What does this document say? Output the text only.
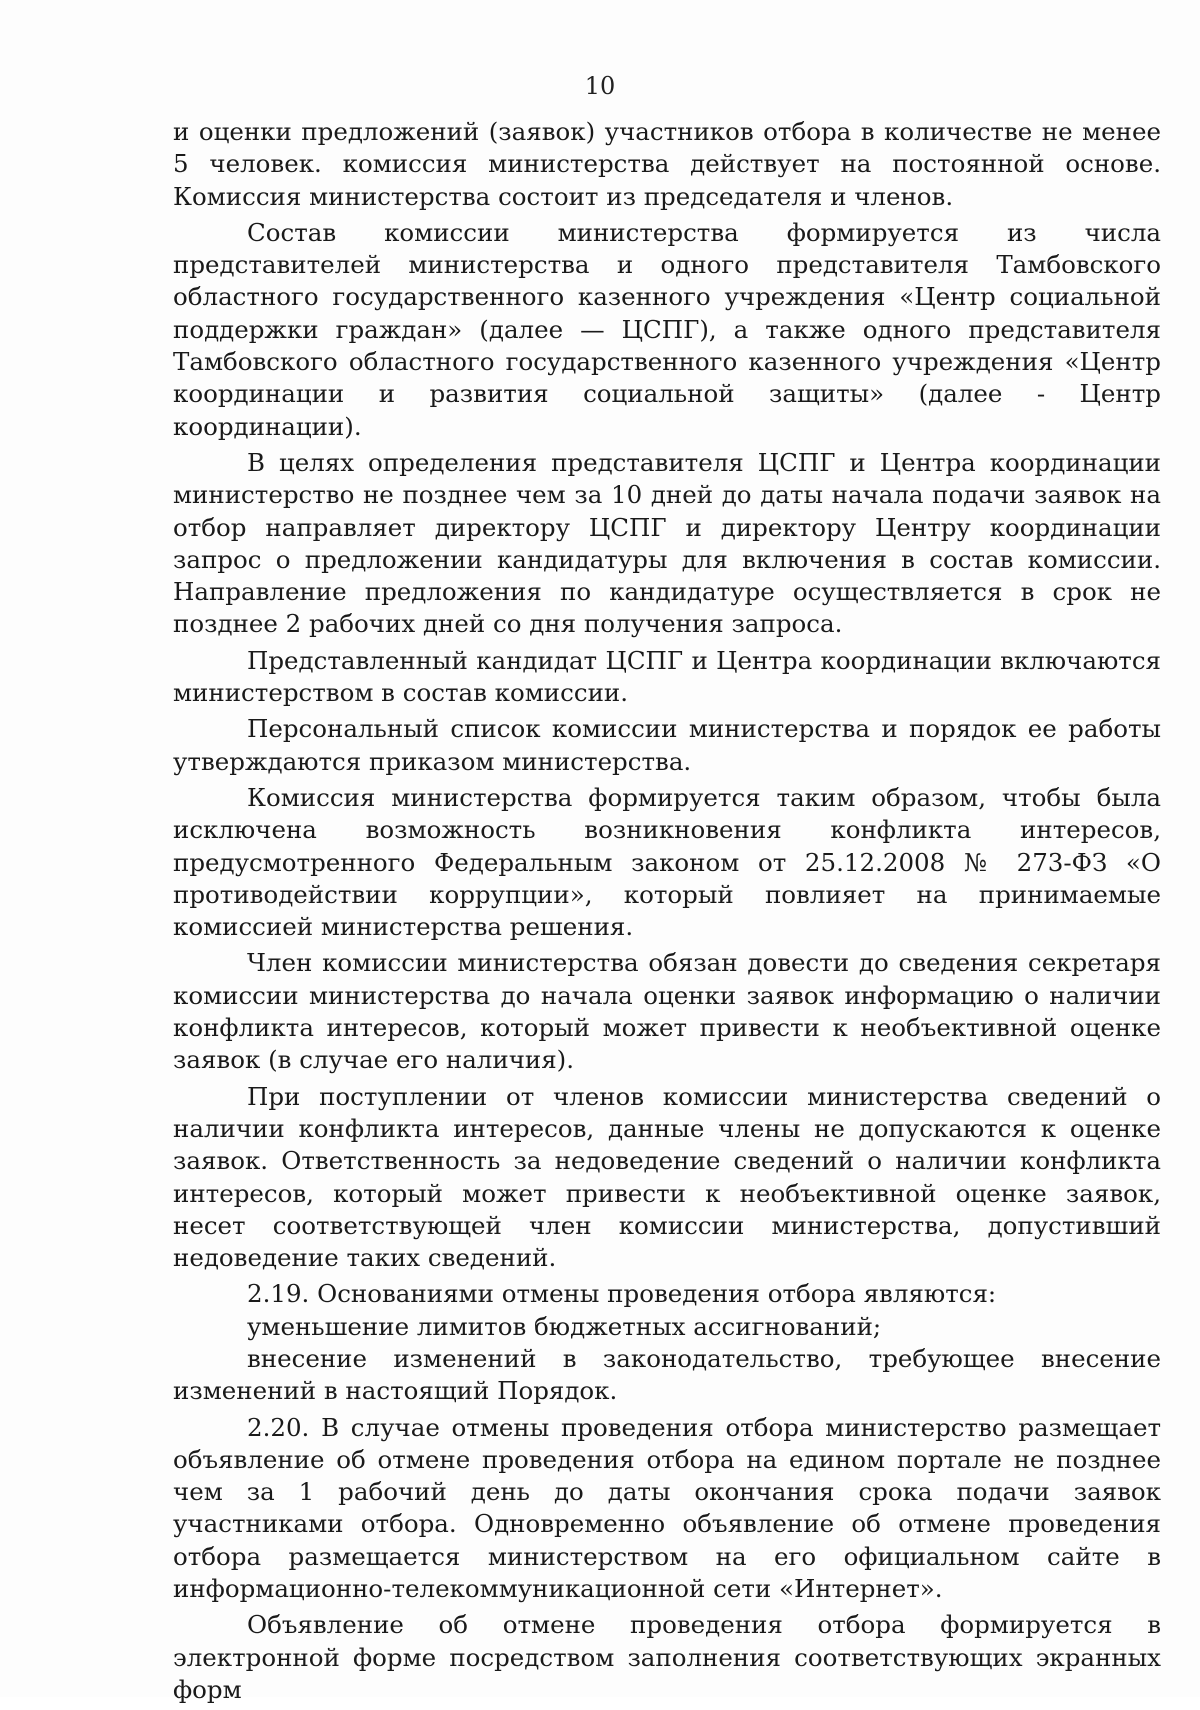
10

и оценки предложений (заявок) участников отбора в количестве не менее 5 человек. комиссия министерства действует на постоянной основе. Комиссия министерства состоит из председателя и членов.

Состав комиссии министерства формируется из числа представителей министерства и одного представителя Тамбовского областного государственного казенного учреждения «Центр социальной поддержки граждан» (далее — ЦСПГ), а также одного представителя Тамбовского областного государственного казенного учреждения «Центр координации и развития социальной защиты» (далее - Центр координации).

В целях определения представителя ЦСПГ и Центра координации министерство не позднее чем за 10 дней до даты начала подачи заявок на отбор направляет директору ЦСПГ и директору Центру координации запрос о предложении кандидатуры для включения в состав комиссии. Направление предложения по кандидатуре осуществляется в срок не позднее 2 рабочих дней со дня получения запроса.

Представленный кандидат ЦСПГ и Центра координации включаются министерством в состав комиссии.

Персональный список комиссии министерства и порядок ее работы утверждаются приказом министерства.

Комиссия министерства формируется таким образом, чтобы была исключена возможность возникновения конфликта интересов, предусмотренного Федеральным законом от 25.12.2008 № 273-ФЗ «О противодействии коррупции», который повлияет на принимаемые комиссией министерства решения.

Член комиссии министерства обязан довести до сведения секретаря комиссии министерства до начала оценки заявок информацию о наличии конфликта интересов, который может привести к необъективной оценке заявок (в случае его наличия).

При поступлении от членов комиссии министерства сведений о наличии конфликта интересов, данные члены не допускаются к оценке заявок. Ответственность за недоведение сведений о наличии конфликта интересов, который может привести к необъективной оценке заявок, несет соответствующей член комиссии министерства, допустивший недоведение таких сведений.

2.19. Основаниями отмены проведения отбора являются:

уменьшение лимитов бюджетных ассигнований;

внесение изменений в законодательство, требующее внесение изменений в настоящий Порядок.

2.20. В случае отмены проведения отбора министерство размещает объявление об отмене проведения отбора на едином портале не позднее чем за 1 рабочий день до даты окончания срока подачи заявок участниками отбора. Одновременно объявление об отмене проведения отбора размещается министерством на его официальном сайте в информационно-телекоммуникационной сети «Интернет».

Объявление об отмене проведения отбора формируется в электронной форме посредством заполнения соответствующих экранных форм
